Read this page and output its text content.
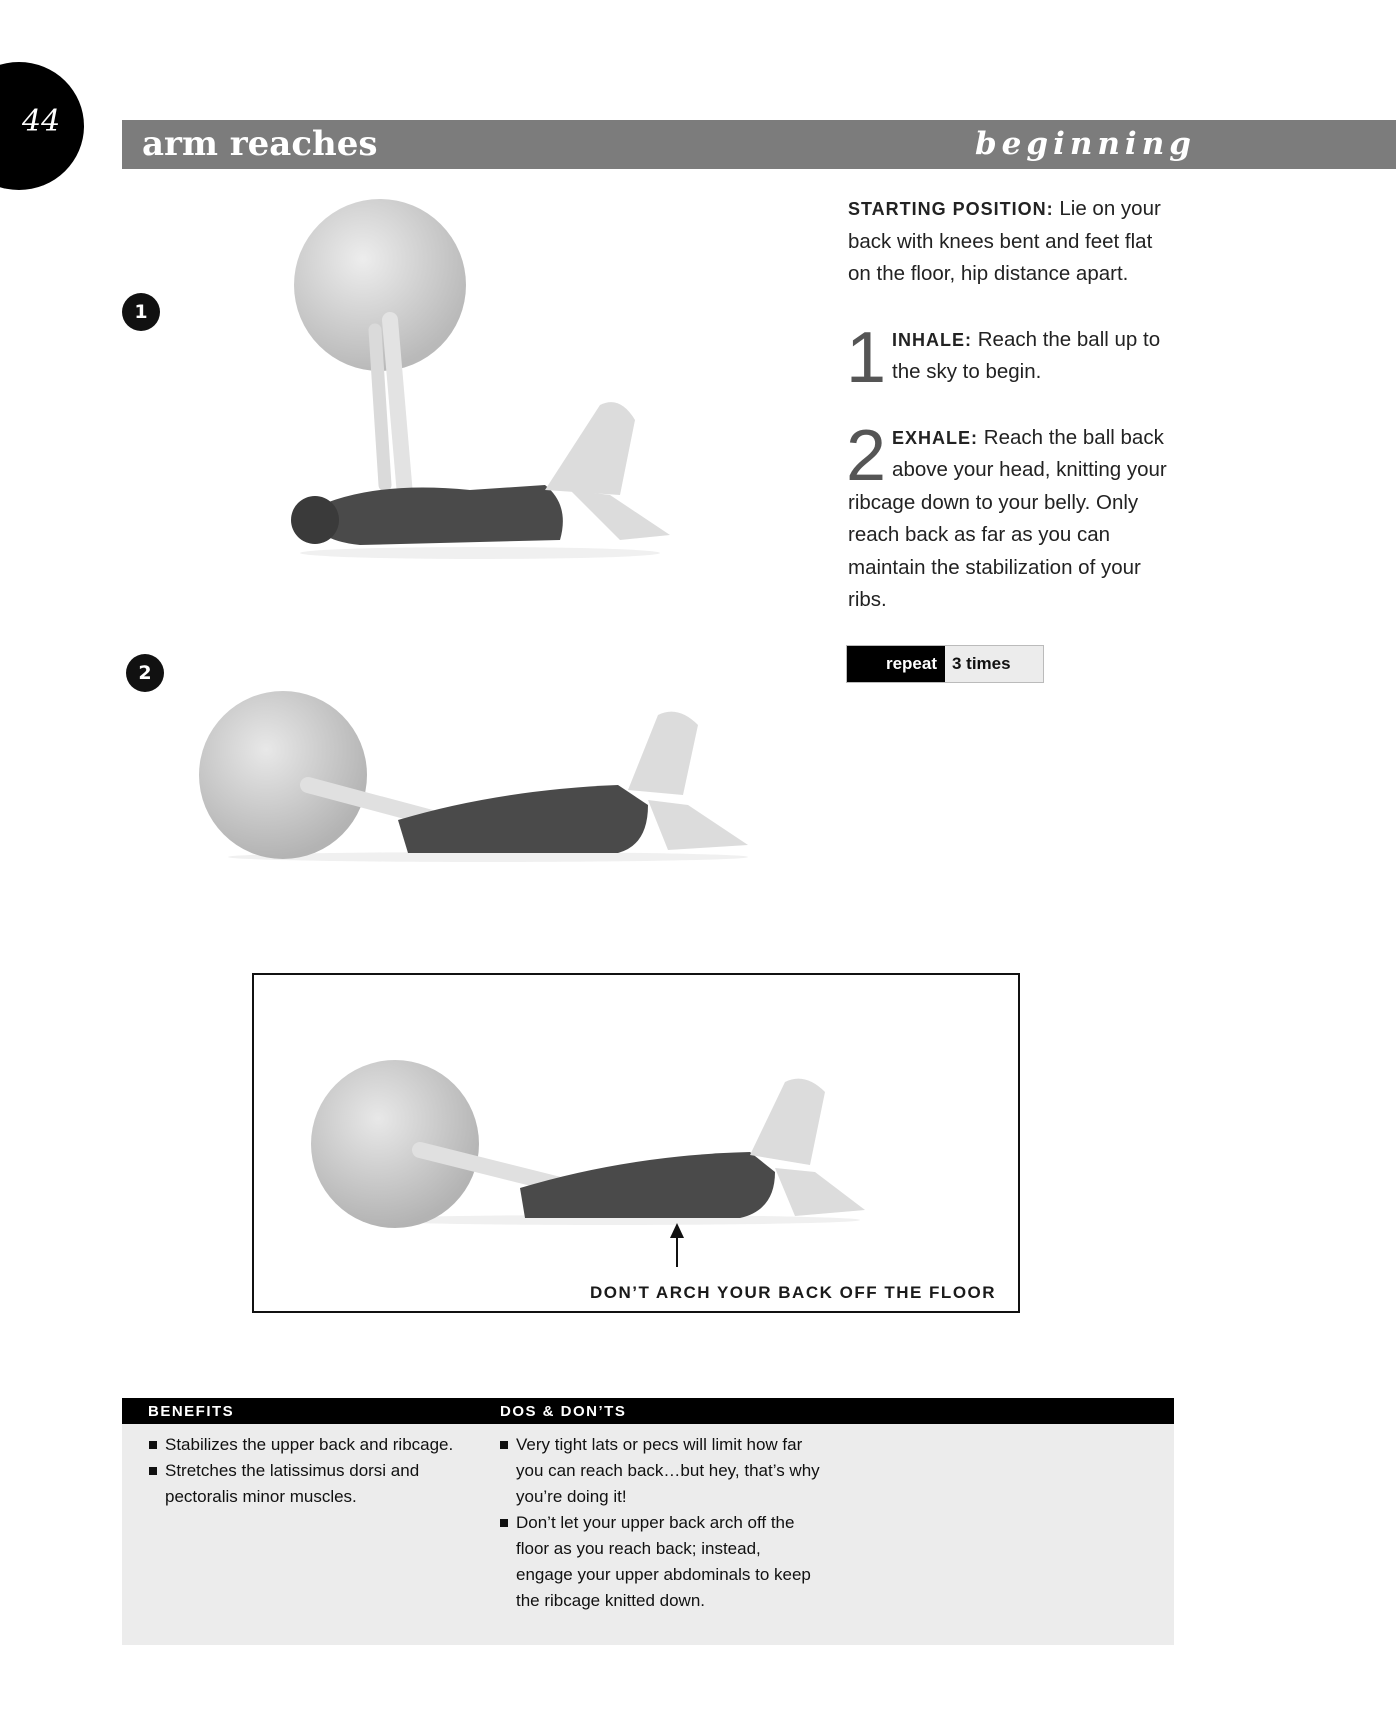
44
arm reaches	beginning
1
2

STARTING POSITION: Lie on your back with knees bent and feet flat on the floor, hip distance apart.

1 INHALE: Reach the ball up to the sky to begin.
2 EXHALE: Reach the ball back above your head, knitting your ribcage down to your belly. Only reach back as far as you can maintain the stabilization of your ribs.
repeat 3 times
DON’T ARCH YOUR BACK OFF THE FLOOR
BENEFITS	DOS & DON’TS
Stabilizes the upper back and ribcage.
Stretches the latissimus dorsi and pectoralis minor muscles.
Very tight lats or pecs will limit how far you can reach back…but hey, that’s why you’re doing it!
Don’t let your upper back arch off the floor as you reach back; instead, engage your upper abdominals to keep the ribcage knitted down.
